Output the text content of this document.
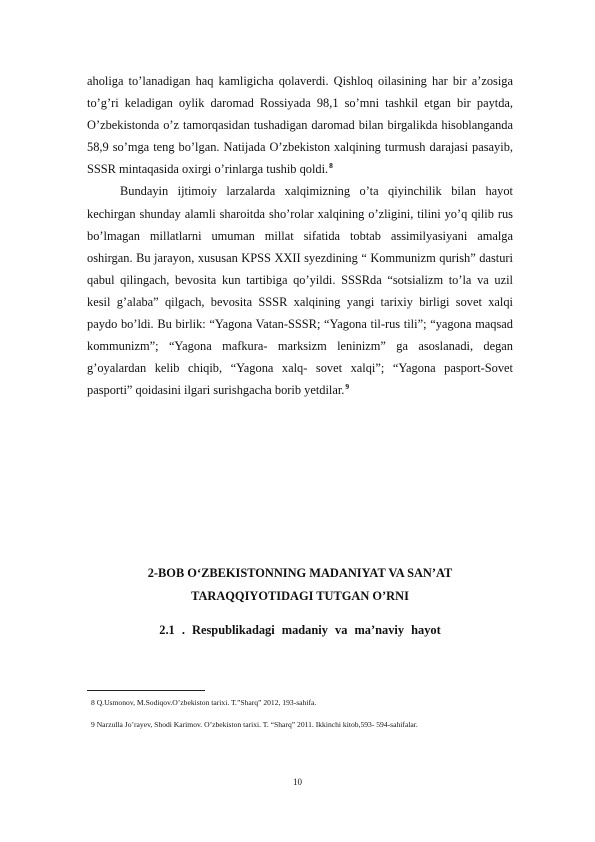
aholiga to’lanadigan haq kamligicha qolaverdi. Qishloq oilasining har bir a’zosiga to’g’ri keladigan oylik daromad Rossiyada 98,1 so’mni tashkil etgan bir paytda, O’zbekistonda o’z tamorqasidan tushadigan daromad bilan birgalikda hisoblanganda 58,9 so’mga teng bo’lgan. Natijada O’zbekiston xalqining turmush darajasi pasayib, SSSR mintaqasida oxirgi o’rinlarga tushib qoldi.$^8$

Bundayin ijtimoiy larzalarda xalqimizning o’ta qiyinchilik bilan hayot kechirgan shunday alamli sharoitda sho’rolar xalqining o’zligini, tilini yo’q qilib rus bo’lmagan millatlarni umuman millat sifatida tobtab assimilyasiyani amalga oshirgan. Bu jarayon, xususan KPSS XXII syezdining “ Kommunizm qurish” dasturi qabul qilingach, bevosita kun tartibiga qo’yildi. SSSRda “sotsializm to’la va uzil kesil g’alaba” qilgach, bevosita SSSR xalqining yangi tarixiy birligi sovet xalqi paydo bo’ldi. Bu birlik: “Yagona Vatan-SSSR; “Yagona til-rus tili”; “yagona maqsad kommunizm”; “Yagona mafkura- marksizm leninizm” ga asoslanadi, degan g’oyalardan kelib chiqib, “Yagona xalq- sovet xalqi”; “Yagona pasport-Sovet pasporti” qoidasini ilgari surishgacha borib yetdilar.$^9$

2-BOB O‘ZBEKISTONNING MADANIYAT VA SAN’AT
TARAQQIYOTIDAGI TUTGAN O’RNI
2.1 . Respublikadagi madaniy va ma’naviy hayot
8 Q.Usmonov, M.Sodiqov.O’zbekiston tarixi. T.”Sharq” 2012, 193-sahifa.
9 Narzulla Jo’rayev, Shodi Karimov. O’zbekiston tarixi. T. “Sharq” 2011. Ikkinchi kitob,593- 594-sahifalar.
10
